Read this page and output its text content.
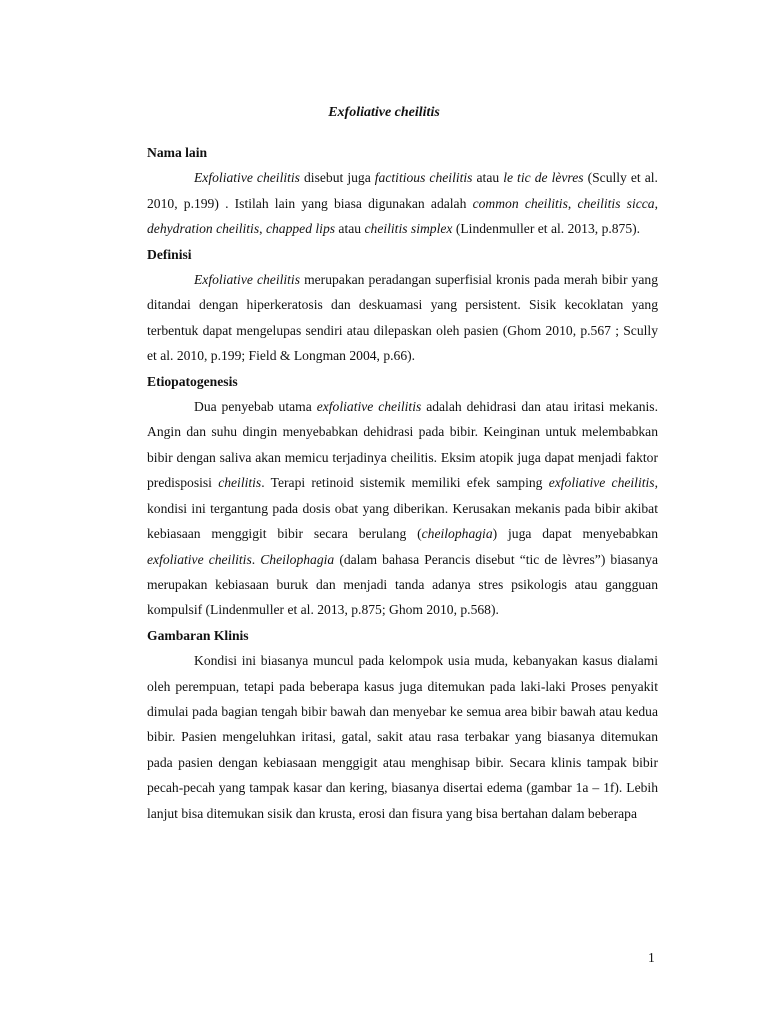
Exfoliative cheilitis

Nama lain

Exfoliative cheilitis disebut juga factitious cheilitis atau le tic de lèvres (Scully et al. 2010, p.199) . Istilah lain yang biasa digunakan adalah common cheilitis, cheilitis sicca, dehydration cheilitis, chapped lips atau cheilitis simplex (Lindenmuller et al. 2013, p.875).

Definisi

Exfoliative cheilitis merupakan peradangan superfisial kronis pada merah bibir yang ditandai dengan hiperkeratosis dan deskuamasi yang persistent. Sisik kecoklatan yang terbentuk dapat mengelupas sendiri atau dilepaskan oleh pasien (Ghom 2010, p.567 ; Scully et al. 2010, p.199; Field & Longman 2004, p.66).

Etiopatogenesis

Dua penyebab utama exfoliative cheilitis adalah dehidrasi dan atau iritasi mekanis. Angin dan suhu dingin menyebabkan dehidrasi pada bibir. Keinginan untuk melembabkan bibir dengan saliva akan memicu terjadinya cheilitis. Eksim atopik juga dapat menjadi faktor predisposisi cheilitis. Terapi retinoid sistemik memiliki efek samping exfoliative cheilitis, kondisi ini tergantung pada dosis obat yang diberikan. Kerusakan mekanis pada bibir akibat kebiasaan menggigit bibir secara berulang (cheilophagia) juga dapat menyebabkan exfoliative cheilitis. Cheilophagia (dalam bahasa Perancis disebut “tic de lèvres”) biasanya merupakan kebiasaan buruk dan menjadi tanda adanya stres psikologis atau gangguan kompulsif (Lindenmuller et al. 2013, p.875; Ghom 2010, p.568).

Gambaran Klinis

Kondisi ini biasanya muncul pada kelompok usia muda, kebanyakan kasus dialami oleh perempuan, tetapi pada beberapa kasus juga ditemukan pada laki-laki Proses penyakit dimulai pada bagian tengah bibir bawah dan menyebar ke semua area bibir bawah atau kedua bibir. Pasien mengeluhkan iritasi, gatal, sakit atau rasa terbakar yang biasanya ditemukan pada pasien dengan kebiasaan menggigit atau menghisap bibir. Secara klinis tampak bibir pecah-pecah yang tampak kasar dan kering, biasanya disertai edema (gambar 1a – 1f). Lebih lanjut bisa ditemukan sisik dan krusta, erosi dan fisura yang bisa bertahan dalam beberapa

1
